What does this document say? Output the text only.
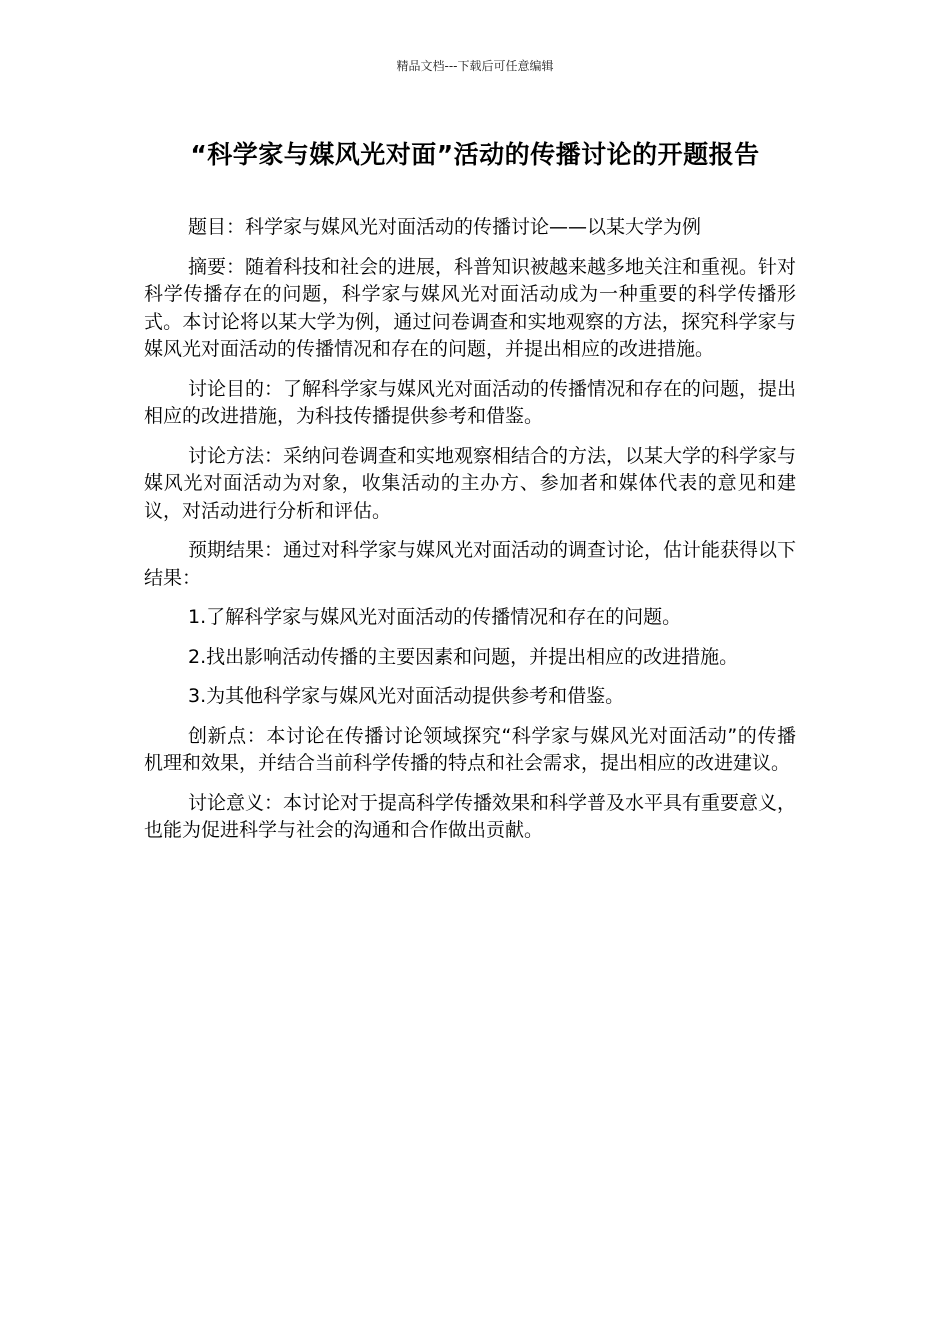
精品文档---下载后可任意编辑
“科学家与媒风光对面”活动的传播讨论的开题报告

题目：科学家与媒风光对面活动的传播讨论——以某大学为例

摘要：随着科技和社会的进展，科普知识被越来越多地关注和重视。针对科学传播存在的问题，科学家与媒风光对面活动成为一种重要的科学传播形式。本讨论将以某大学为例，通过问卷调查和实地观察的方法，探究科学家与媒风光对面活动的传播情况和存在的问题，并提出相应的改进措施。

讨论目的：了解科学家与媒风光对面活动的传播情况和存在的问题，提出相应的改进措施，为科技传播提供参考和借鉴。

讨论方法：采纳问卷调查和实地观察相结合的方法，以某大学的科学家与媒风光对面活动为对象，收集活动的主办方、参加者和媒体代表的意见和建议，对活动进行分析和评估。

预期结果：通过对科学家与媒风光对面活动的调查讨论，估计能获得以下结果：

1.了解科学家与媒风光对面活动的传播情况和存在的问题。

2.找出影响活动传播的主要因素和问题，并提出相应的改进措施。

3.为其他科学家与媒风光对面活动提供参考和借鉴。

创新点：本讨论在传播讨论领域探究“科学家与媒风光对面活动”的传播机理和效果，并结合当前科学传播的特点和社会需求，提出相应的改进建议。

讨论意义：本讨论对于提高科学传播效果和科学普及水平具有重要意义，也能为促进科学与社会的沟通和合作做出贡献。
